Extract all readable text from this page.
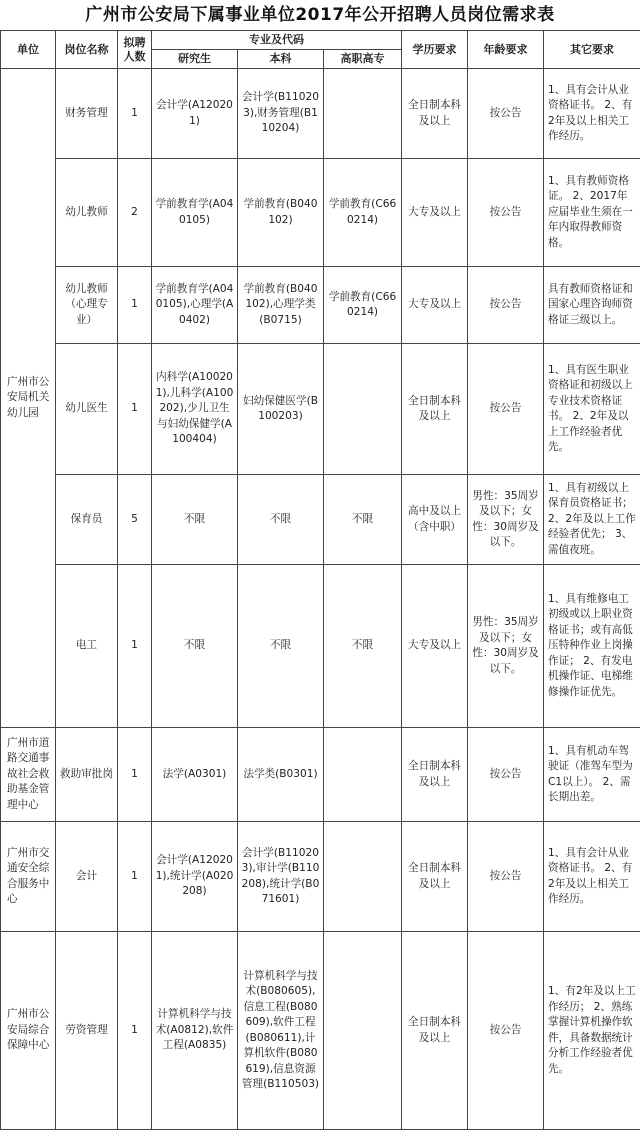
广州市公安局下属事业单位2017年公开招聘人员岗位需求表
单位	岗位名称	拟聘人数	专业及代码			学历要求	年龄要求	其它要求
			研究生	本科	高职高专			
广州市公安局机关幼儿园	财务管理	1	会计学(A120201)	会计学(B110203),财务管理(B110204)		全日制本科及以上	按公告	1、具有会计从业资格证书。 2、有2年及以上相关工作经历。
	幼儿教师	2	学前教育学(A040105)	学前教育(B040102)	学前教育(C660214)	大专及以上	按公告	1、具有教师资格证。 2、2017年应届毕业生须在一年内取得教师资格。
	幼儿教师（心理专业）	1	学前教育学(A040105),心理学(A0402)	学前教育(B040102),心理学类(B0715)	学前教育(C660214)	大专及以上	按公告	具有教师资格证和国家心理咨询师资格证三级以上。
	幼儿医生	1	内科学(A100201),儿科学(A100202),少儿卫生与妇幼保健学(A100404)	妇幼保健医学(B100203)		全日制本科及以上	按公告	1、具有医生职业资格证和初级以上专业技术资格证书。 2、2年及以上工作经验者优先。
	保育员	5	不限	不限	不限	高中及以上（含中职）	男性：35周岁及以下；女性：30周岁及以下。	1、具有初级以上保育员资格证书； 2、2年及以上工作经验者优先； 3、需值夜班。
	电工	1	不限	不限	不限	大专及以上	男性：35周岁及以下；女性：30周岁及以下。	1、具有维修电工初级或以上职业资格证书；或有高低压特种作业上岗操作证； 2、有发电机操作证、电梯维修操作证优先。
广州市道路交通事故社会救助基金管理中心	救助审批岗	1	法学(A0301)	法学类(B0301)		全日制本科及以上	按公告	1、具有机动车驾驶证（准驾车型为C1以上）。 2、需长期出差。
广州市交通安全综合服务中心	会计	1	会计学(A120201),统计学(A020208)	会计学(B110203),审计学(B110208),统计学(B071601)		全日制本科及以上	按公告	1、具有会计从业资格证书。 2、有2年及以上相关工作经历。
广州市公安局综合保障中心	劳资管理	1	计算机科学与技术(A0812),软件工程(A0835)	计算机科学与技术(B080605),信息工程(B080609),软件工程(B080611),计算机软件(B080619),信息资源管理(B110503)		全日制本科及以上	按公告	1、有2年及以上工作经历； 2、熟练掌握计算机操作软件，具备数据统计分析工作经验者优先。
